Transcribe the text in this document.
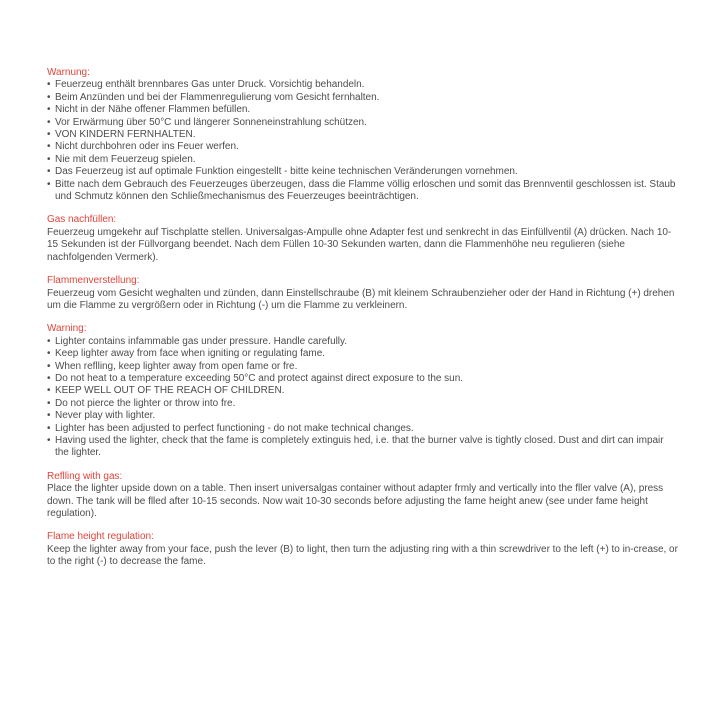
Warnung:
• Feuerzeug enthält brennbares Gas unter Druck. Vorsichtig behandeln.
• Beim Anzünden und bei der Flammenregulierung vom Gesicht fernhalten.
• Nicht in der Nähe offener Flammen befüllen.
• Vor Erwärmung über 50°C und längerer Sonneneinstrahlung schützen.
• VON KINDERN FERNHALTEN.
• Nicht durchbohren oder ins Feuer werfen.
• Nie mit dem Feuerzeug spielen.
• Das Feuerzeug ist auf optimale Funktion eingestellt - bitte keine technischen Veränderungen vornehmen.
• Bitte nach dem Gebrauch des Feuerzeuges überzeugen, dass die Flamme völlig erloschen und somit das Brennventil geschlossen ist. Staub und Schmutz können den Schließmechanismus des Feuerzeuges beeinträchtigen.
Gas nachfüllen:

Feuerzeug umgekehr auf Tischplatte stellen. Universalgas-Ampulle ohne Adapter fest und senkrecht in das Einfüllventil (A) drücken. Nach 10-15 Sekunden ist der Füllvorgang beendet. Nach dem Füllen 10-30 Sekunden warten, dann die Flammenhöhe neu regulieren (siehe nachfolgenden Vermerk).

Flammenverstellung:

Feuerzeug vom Gesicht weghalten und zünden, dann Einstellschraube (B) mit kleinem Schraubenzieher oder der Hand in Richtung (+) drehen um die Flamme zu vergrößern oder in Richtung (-) um die Flamme zu verkleinern.

Warning:
• Lighter contains infammable gas under pressure. Handle carefully.
• Keep lighter away from face when igniting or regulating fame.
• When reflling, keep lighter away from open fame or fre.
• Do not heat to a temperature exceeding 50°C and protect against direct exposure to the sun.
• KEEP WELL OUT OF THE REACH OF CHILDREN.
• Do not pierce the lighter or throw into fre.
• Never play with lighter.
• Lighter has been adjusted to perfect functioning - do not make technical changes.
• Having used the lighter, check that the fame is completely extinguis hed, i.e. that the burner valve is tightly closed. Dust and dirt can impair the lighter.
Reflling with gas:

Place the lighter upside down on a table. Then insert universalgas container without adapter frmly and vertically into the fller valve (A), press down. The tank will be flled after 10-15 seconds. Now wait 10-30 seconds before adjusting the fame height anew (see under fame height regulation).

Flame height regulation:

Keep the lighter away from your face, push the lever (B) to light, then turn the adjusting ring with a thin screwdriver to the left (+) to in-crease, or to the right (-) to decrease the fame.
